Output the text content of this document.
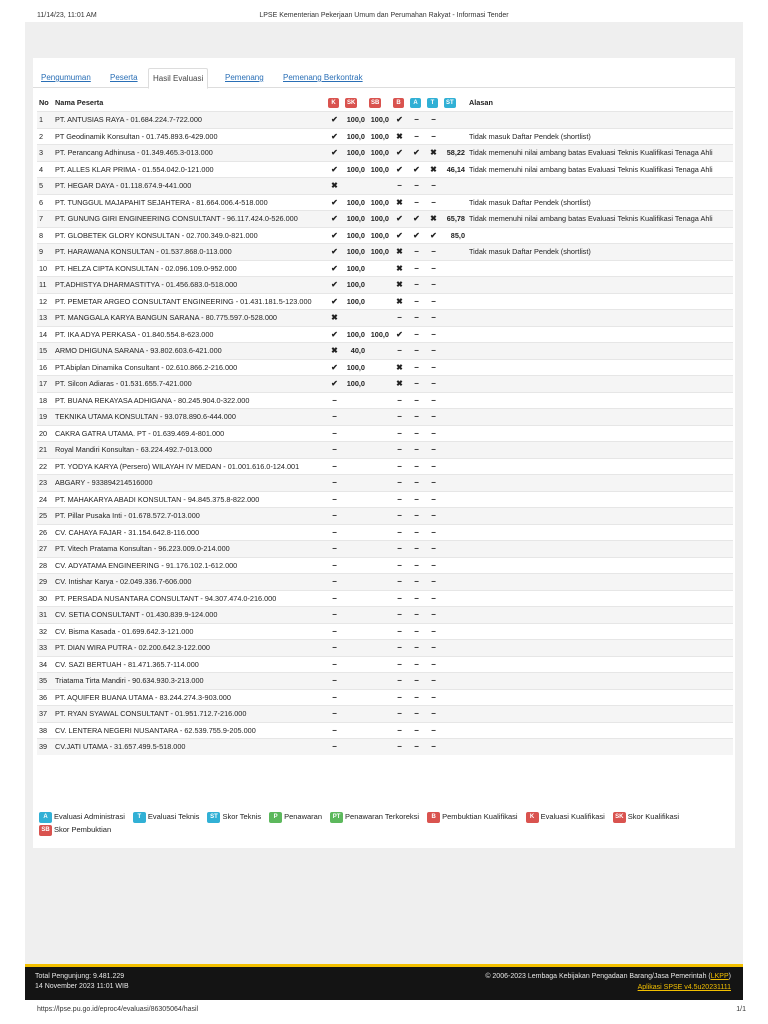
11/14/23, 11:01 AM	LPSE Kementerian Pekerjaan Umum dan Perumahan Rakyat - Informasi Tender
Pengumuman	Peserta	Hasil Evaluasi	Pemenang	Pemenang Berkontrak
No	Nama Peserta	K	SK	SB	B	A	T	ST	Alasan
1	PT. ANTUSIAS RAYA - 01.684.224.7-722.000	✔	100,0	100,0	✔	−	−		
2	PT Geodinamik Konsultan - 01.745.893.6-429.000	✔	100,0	100,0	✖	−	−		Tidak masuk Daftar Pendek (shortlist)
3	PT. Perancang Adhinusa - 01.349.465.3-013.000	✔	100,0	100,0	✔	✔	✖	58,22	Tidak memenuhi nilai ambang batas Evaluasi Teknis Kualifikasi Tenaga Ahli
4	PT. ALLES KLAR PRIMA - 01.554.042.0-121.000	✔	100,0	100,0	✔	✔	✖	46,14	Tidak memenuhi nilai ambang batas Evaluasi Teknis Kualifikasi Tenaga Ahli
5	PT. HEGAR DAYA - 01.118.674.9-441.000	✖			−	−	−		
6	PT. TUNGGUL MAJAPAHIT SEJAHTERA - 81.664.006.4-518.000	✔	100,0	100,0	✖	−	−		Tidak masuk Daftar Pendek (shortlist)
7	PT. GUNUNG GIRI ENGINEERING CONSULTANT - 96.117.424.0-526.000	✔	100,0	100,0	✔	✔	✖	65,78	Tidak memenuhi nilai ambang batas Evaluasi Teknis Kualifikasi Tenaga Ahli
8	PT. GLOBETEK GLORY KONSULTAN - 02.700.349.0-821.000	✔	100,0	100,0	✔	✔	✔	85,0	
9	PT. HARAWANA KONSULTAN - 01.537.868.0-113.000	✔	100,0	100,0	✖	−	−		Tidak masuk Daftar Pendek (shortlist)
10	PT. HELZA CIPTA KONSULTAN - 02.096.109.0-952.000	✔	100,0		✖	−	−		
11	PT.ADHISTYA DHARMASTITYA - 01.456.683.0-518.000	✔	100,0		✖	−	−		
12	PT. PEMETAR ARGEO CONSULTANT ENGINEERING - 01.431.181.5-123.000	✔	100,0		✖	−	−		
13	PT. MANGGALA KARYA BANGUN SARANA - 80.775.597.0-528.000	✖			−	−	−		
14	PT. IKA ADYA PERKASA - 01.840.554.8-623.000	✔	100,0	100,0	✔	−	−		
15	ARMO DHIGUNA SARANA - 93.802.603.6-421.000	✖	40,0		−	−	−		
16	PT.Abiplan Dinamika Consultant - 02.610.866.2-216.000	✔	100,0		✖	−	−		
17	PT. Silcon Adiaras - 01.531.655.7-421.000	✔	100,0		✖	−	−		
18	PT. BUANA REKAYASA ADHIGANA - 80.245.904.0-322.000	−			−	−	−		
19	TEKNIKA UTAMA KONSULTAN - 93.078.890.6-444.000	−			−	−	−		
20	CAKRA GATRA UTAMA. PT - 01.639.469.4-801.000	−			−	−	−		
21	Royal Mandiri Konsultan - 63.224.492.7-013.000	−			−	−	−		
22	PT. YODYA KARYA (Persero) WILAYAH IV MEDAN - 01.001.616.0-124.001	−			−	−	−		
23	ABGARY - 933894214516000	−			−	−	−		
24	PT. MAHAKARYA ABADI KONSULTAN - 94.845.375.8-822.000	−			−	−	−		
25	PT. Pillar Pusaka Inti - 01.678.572.7-013.000	−			−	−	−		
26	CV. CAHAYA FAJAR - 31.154.642.8-116.000	−			−	−	−		
27	PT. Vitech Pratama Konsultan - 96.223.009.0-214.000	−			−	−	−		
28	CV. ADYATAMA ENGINEERING - 91.176.102.1-612.000	−			−	−	−		
29	CV. Intishar Karya - 02.049.336.7-606.000	−			−	−	−		
30	PT. PERSADA NUSANTARA CONSULTANT - 94.307.474.0-216.000	−			−	−	−		
31	CV. SETIA CONSULTANT - 01.430.839.9-124.000	−			−	−	−		
32	CV. Bisma Kasada - 01.699.642.3-121.000	−			−	−	−		
33	PT. DIAN WIRA PUTRA - 02.200.642.3-122.000	−			−	−	−		
34	CV. SAZI BERTUAH - 81.471.365.7-114.000	−			−	−	−		
35	Triatama Tirta Mandiri - 90.634.930.3-213.000	−			−	−	−		
36	PT. AQUIFER BUANA UTAMA - 83.244.274.3-903.000	−			−	−	−		
37	PT. RYAN SYAWAL CONSULTANT - 01.951.712.7-216.000	−			−	−	−		
38	CV. LENTERA NEGERI NUSANTARA - 62.539.755.9-205.000	−			−	−	−		
39	CV.JATI UTAMA - 31.657.499.5-518.000	−			−	−	−		
A Evaluasi Administrasi T Evaluasi Teknis ST Skor Teknis P Penawaran PT Penawaran Terkoreksi B Pembuktian Kualifikasi K Evaluasi Kualifikasi SK Skor KualifikasiSB Skor Pembuktian
Total Pengunjung: 9.481.229
14 November 2023 11:01 WIB
© 2006-2023 Lembaga Kebijakan Pengadaan Barang/Jasa Pemerintah (LKPP)
Aplikasi SPSE v4.5u20231111
https://lpse.pu.go.id/eproc4/evaluasi/86305064/hasil	1/1
